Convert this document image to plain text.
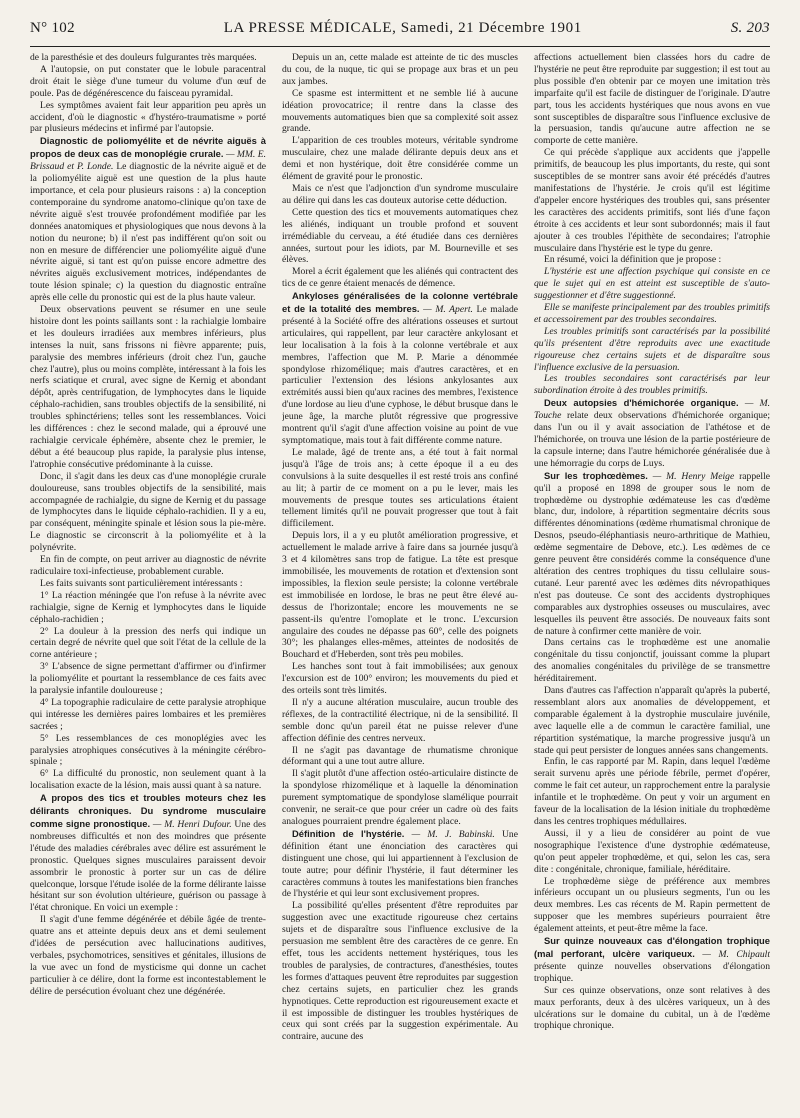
N° 102	LA PRESSE MÉDICALE, Samedi, 21 Décembre 1901	S. 203

de la paresthésie et des douleurs fulgurantes très marquées.

A l'autopsie, on put constater que le lobule paracentral droit était le siège d'une tumeur du volume d'un œuf de poule. Pas de dégénérescence du faisceau pyramidal.

Les symptômes avaient fait leur apparition peu après un accident, d'où le diagnostic « d'hystéro-traumatisme » porté par plusieurs médecins et infirmé par l'autopsie.

Diagnostic de poliomyélite et de névrite aiguës à propos de deux cas de monoplégie crurale. — MM. E. Brissaud et P. Londe. Le diagnostic de la névrite aiguë et de la poliomyélite aiguë est une question de la plus haute importance, et cela pour plusieurs raisons : a) la conception contemporaine du syndrome anatomo-clinique qu'on taxe de névrite aiguë s'est trouvée profondément modifiée par les données anatomiques et physiologiques que nous devons à la notion du neurone; b) il n'est pas indifférent qu'on soit ou non en mesure de différencier une poliomyélite aiguë d'une névrite aiguë, si tant est qu'on puisse encore admettre des névrites aiguës exclusivement motrices, indépendantes de toute lésion spinale; c) la question du diagnostic entraîne après elle celle du pronostic qui est de la plus haute valeur.

Deux observations peuvent se résumer en une seule histoire dont les points saillants sont : la rachialgie lombaire et les douleurs irradiées aux membres inférieurs, plus intenses la nuit, sans frissons ni fièvre apparente; puis, paralysie des membres inférieurs (droit chez l'un, gauche chez l'autre), plus ou moins complète, intéressant à la fois les nerfs sciatique et crural, avec signe de Kernig et abondant dépôt, après centrifugation, de lymphocytes dans le liquide céphalo-rachidien, sans troubles objectifs de la sensibilité, ni troubles sphinctériens; telles sont les ressemblances. Voici les différences : chez le second malade, qui a éprouvé une rachialgie cervicale éphémère, absente chez le premier, le début a été beaucoup plus rapide, la paralysie plus intense, l'atrophie consécutive prédominante à la cuisse.

Donc, il s'agit dans les deux cas d'une monoplégie crurale douloureuse, sans troubles objectifs de la sensibilité, mais accompagnée de rachialgie, du signe de Kernig et du passage de lymphocytes dans le liquide céphalo-rachidien. Il y a eu, par conséquent, méningite spinale et lésion sous la pie-mère. Le diagnostic se circonscrit à la poliomyélite et à la polynévrite.

En fin de compte, on peut arriver au diagnostic de névrite radiculaire toxi-infectieuse, probablement curable.

Les faits suivants sont particulièrement intéressants :

1° La réaction méningée que l'on refuse à la névrite avec rachialgie, signe de Kernig et lymphocytes dans le liquide céphalo-rachidien ;

2° La douleur à la pression des nerfs qui indique un certain degré de névrite quel que soit l'état de la cellule de la corne antérieure ;

3° L'absence de signe permettant d'affirmer ou d'infirmer la poliomyélite et pourtant la ressemblance de ces faits avec la paralysie infantile douloureuse ;

4° La topographie radiculaire de cette paralysie atrophique qui intéresse les dernières paires lombaires et les premières sacrées ;

5° Les ressemblances de ces monoplégies avec les paralysies atrophiques consécutives à la méningite cérébro-spinale ;

6° La difficulté du pronostic, non seulement quant à la localisation exacte de la lésion, mais aussi quant à sa nature.

A propos des tics et troubles moteurs chez les délirants chroniques. Du syndrome musculaire comme signe pronostique. — M. Henri Dufour. Une des nombreuses difficultés et non des moindres que présente l'étude des maladies cérébrales avec délire est assurément le pronostic. Quelques signes musculaires paraissent devoir assombrir le pronostic à porter sur un cas de délire quelconque, lorsque l'étude isolée de la forme délirante laisse hésitant sur son évolution ultérieure, guérison ou passage à l'état chronique. En voici un exemple :

Il s'agit d'une femme dégénérée et débile âgée de trente-quatre ans et atteinte depuis deux ans et demi seulement d'idées de persécution avec hallucinations auditives, verbales, psychomotrices, sensitives et génitales, illusions de la vue avec un fond de mysticisme qui donne un cachet particulier à ce délire, dont la forme est incontestablement le délire de persécution évoluant chez une dégénérée.

Depuis un an, cette malade est atteinte de tic des muscles du cou, de la nuque, tic qui se propage aux bras et un peu aux jambes.

Ce spasme est intermittent et ne semble lié à aucune idéation provocatrice; il rentre dans la classe des mouvements automatiques bien que sa complexité soit assez grande.

L'apparition de ces troubles moteurs, véritable syndrome musculaire, chez une malade délirante depuis deux ans et demi et non hystérique, doit être considérée comme un élément de gravité pour le pronostic.

Mais ce n'est que l'adjonction d'un syndrome musculaire au délire qui dans les cas douteux autorise cette déduction.

Cette question des tics et mouvements automatiques chez les aliénés, indiquant un trouble profond et souvent irrémédiable du cerveau, a été étudiée dans ces dernières années, surtout pour les idiots, par M. Bourneville et ses élèves.

Morel a écrit également que les aliénés qui contractent des tics de ce genre étaient menacés de démence.

Ankyloses généralisées de la colonne vertébrale et de la totalité des membres. — M. Apert. Le malade présenté à la Société offre des altérations osseuses et surtout articulaires, qui rappellent, par leur caractère ankylosant et leur localisation à la fois à la colonne vertébrale et aux membres, l'affection que M. P. Marie a dénommée spondylose rhizomélique; mais d'autres caractères, et en particulier l'extension des lésions ankylosantes aux extrémités aussi bien qu'aux racines des membres, l'existence d'une lordose au lieu d'une cyphose, le début brusque dans le jeune âge, la marche plutôt régressive que progressive montrent qu'il s'agit d'une affection voisine au point de vue symptomatique, mais tout à fait différente comme nature.

Le malade, âgé de trente ans, a été tout à fait normal jusqu'à l'âge de trois ans; à cette époque il a eu des convulsions à la suite desquelles il est resté trois ans confiné au lit; à partir de ce moment on a pu le lever, mais les mouvements de presque toutes ses articulations étaient tellement limités qu'il ne pouvait progresser que tout à fait difficilement.

Depuis lors, il a y eu plutôt amélioration progressive, et actuellement le malade arrive à faire dans sa journée jusqu'à 3 et 4 kilomètres sans trop de fatigue. La tête est presque immobilisée, les mouvements de rotation et d'extension sont impossibles, la flexion seule persiste; la colonne vertébrale est immobilisée en lordose, le bras ne peut être élevé au-dessus de l'horizontale; encore les mouvements ne se passent-ils qu'entre l'omoplate et le tronc. L'excursion angulaire des coudes ne dépasse pas 60°, celle des poignets 30°; les phalanges elles-mêmes, atteintes de nodosités de Bouchard et d'Heberden, sont très peu mobiles.

Les hanches sont tout à fait immobilisées; aux genoux l'excursion est de 100° environ; les mouvements du pied et des orteils sont très limités.

Il n'y a aucune altération musculaire, aucun trouble des réflexes, de la contractilité électrique, ni de la sensibilité. Il semble donc qu'un pareil état ne puisse relever d'une affection définie des centres nerveux.

Il ne s'agit pas davantage de rhumatisme chronique déformant qui a une tout autre allure.

Il s'agit plutôt d'une affection ostéo-articulaire distincte de la spondylose rhizomélique et à laquelle la dénomination purement symptomatique de spondylose slaméliquе pourrait convenir, ne serait-ce que pour créer un cadre où des faits analogues pourraient prendre également place.

Définition de l'hystérie. — M. J. Babinski. Une définition étant une énonciation des caractères qui distinguent une chose, qui lui appartiennent à l'exclusion de toute autre; pour définir l'hystérie, il faut déterminer les caractères communs à toutes les manifestations bien franches de l'hystérie et qui leur sont exclusivement propres.

La possibilité qu'elles présentent d'être reproduites par suggestion avec une exactitude rigoureuse chez certains sujets et de disparaître sous l'influence exclusive de la persuasion me semblent être des caractères de ce genre. En effet, tous les accidents nettement hystériques, tous les troubles de paralysies, de contractures, d'anesthésies, toutes les formes d'attaques peuvent être reproduites par suggestion chez certains sujets, en particulier chez les grands hypnotiques. Cette reproduction est rigoureusement exacte et il est impossible de distinguer les troubles hystériques de ceux qui sont créés par la suggestion expérimentale. Au contraire, aucune des

affections actuellement bien classées hors du cadre de l'hystérie ne peut être reproduite par suggestion; il est tout au plus possible d'en obtenir par ce moyen une imitation très imparfaite qu'il est facile de distinguer de l'originale. D'autre part, tous les accidents hystériques que nous avons en vue sont susceptibles de disparaître sous l'influence exclusive de la persuasion, tandis qu'aucune autre affection ne se comporte de cette manière.

Ce qui précède s'applique aux accidents que j'appelle primitifs, de beaucoup les plus importants, du reste, qui sont susceptibles de se montrer sans avoir été précédés d'autres manifestations de l'hystérie. Je crois qu'il est légitime d'appeler encore hystériques des troubles qui, sans présenter les caractères des accidents primitifs, sont liés d'une façon étroite à ces accidents et leur sont subordonnés; mais il faut ajouter à ces troubles l'épithète de secondaires; l'atrophie musculaire dans l'hystérie est le type du genre.

En résumé, voici la définition que je propose :

L'hystérie est une affection psychique qui consiste en ce que le sujet qui en est atteint est susceptible de s'auto-suggestionner et d'être suggestionné.

Elle se manifeste principalement par des troubles primitifs et accessoirement par des troubles secondaires.

Les troubles primitifs sont caractérisés par la possibilité qu'ils présentent d'être reproduits avec une exactitude rigoureuse chez certains sujets et de disparaître sous l'influence exclusive de la persuasion.

Les troubles secondaires sont caractérisés par leur subordination étroite à des troubles primitifs.

Deux autopsies d'hémichorée organique. — M. Touche relate deux observations d'hémichorée organique; dans l'un ou il y avait association de l'athétose et de l'hémichorée, on trouva une lésion de la partie postérieure de la capsule interne; dans l'autre hémichorée généralisée due à une hémorragie du corps de Luys.

Sur les trophœdèmes. — M. Henry Meige rappelle qu'il a proposé en 1898 de grouper sous le nom de trophœdème ou dystrophie œdémateuse les cas d'œdème blanc, dur, indolore, à répartition segmentaire décrits sous différentes dénominations (œdème rhumatismal chronique de Desnos, pseudo-éléphantiasis neuro-arthritique de Mathieu, œdème segmentaire de Debove, etc.). Les œdèmes de ce genre peuvent être considérés comme la conséquence d'une altération des centres trophiques du tissu cellulaire sous-cutané. Leur parenté avec les œdèmes dits névropathiques n'est pas douteuse. Ce sont des accidents dystrophiques comparables aux dystrophies osseuses ou musculaires, avec lesquelles ils peuvent être associés. De nouveaux faits sont de nature à confirmer cette manière de voir.

Dans certains cas le trophœdème est une anomalie congénitale du tissu conjonctif, jouissant comme la plupart des anomalies congénitales du privilège de se transmettre héréditairement.

Dans d'autres cas l'affection n'apparaît qu'après la puberté, ressemblant alors aux anomalies de développement, et comparable également à la dystrophie musculaire juvénile, avec laquelle elle a de commun le caractère familial, une répartition systématique, la marche progressive jusqu'à un stade qui peut persister de longues années sans changements.

Enfin, le cas rapporté par M. Rapin, dans lequel l'œdème serait survenu après une période fébrile, permet d'opérer, comme le fait cet auteur, un rapprochement entre la paralysie infantile et le trophœdème. On peut y voir un argument en faveur de la localisation de la lésion initiale du trophœdème dans les centres trophiques médullaires.

Aussi, il y a lieu de considérer au point de vue nosographique l'existence d'une dystrophie œdémateuse, qu'on peut appeler trophœdème, et qui, selon les cas, sera dite : congénitale, chronique, familiale, héréditaire.

Le trophœdème siège de préférence aux membres inférieurs occupant un ou plusieurs segments, l'un ou les deux membres. Les cas récents de M. Rapin permettent de supposer que les membres supérieurs pourraient être également atteints, et peut-être même la face.

Sur quinze nouveaux cas d'élongation trophique (mal perforant, ulcère variqueux. — M. Chipault présente quinze nouvelles observations d'élongation trophique.

Sur ces quinze observations, onze sont relatives à des maux perforants, deux à des ulcères variqueux, un à des ulcérations sur le domaine du cubital, un à de l'œdème trophique chronique.
